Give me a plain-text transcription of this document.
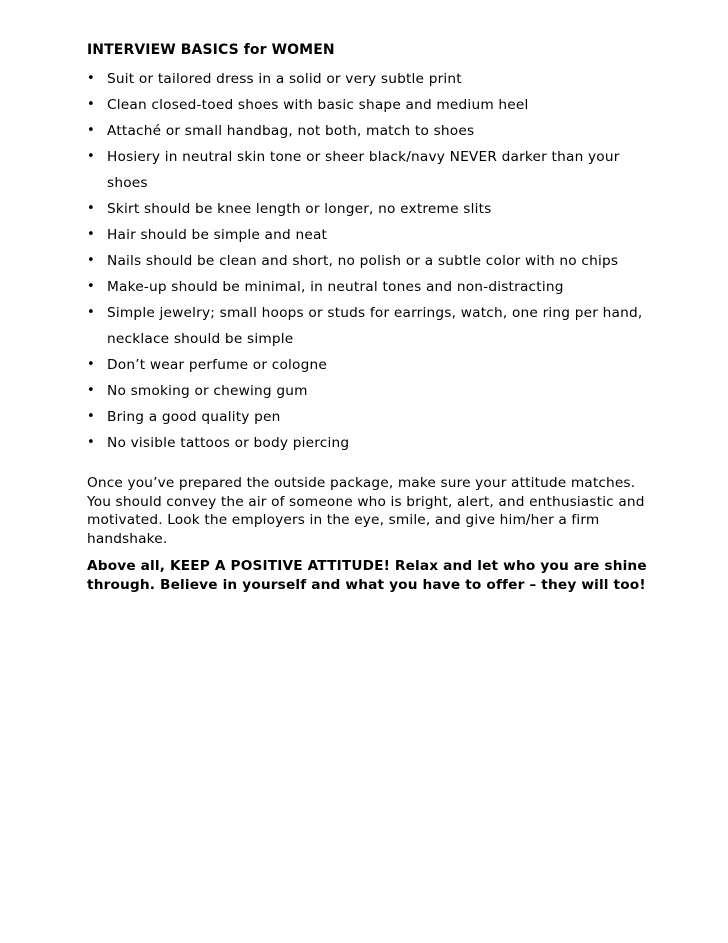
INTERVIEW BASICS for WOMEN
• Suit or tailored dress in a solid or very subtle print
• Clean closed-toed shoes with basic shape and medium heel
• Attaché or small handbag, not both, match to shoes
• Hosiery in neutral skin tone or sheer black/navy NEVER darker than your shoes
• Skirt should be knee length or longer, no extreme slits
• Hair should be simple and neat
• Nails should be clean and short, no polish or a subtle color with no chips
• Make-up should be minimal, in neutral tones and non-distracting
• Simple jewelry; small hoops or studs for earrings, watch, one ring per hand, necklace should be simple
• Don’t wear perfume or cologne
• No smoking or chewing gum
• Bring a good quality pen
• No visible tattoos or body piercing

Once you’ve prepared the outside package, make sure your attitude matches. You should convey the air of someone who is bright, alert, and enthusiastic and motivated. Look the employers in the eye, smile, and give him/her a firm handshake.

Above all, KEEP A POSITIVE ATTITUDE! Relax and let who you are shine through. Believe in yourself and what you have to offer – they will too!
